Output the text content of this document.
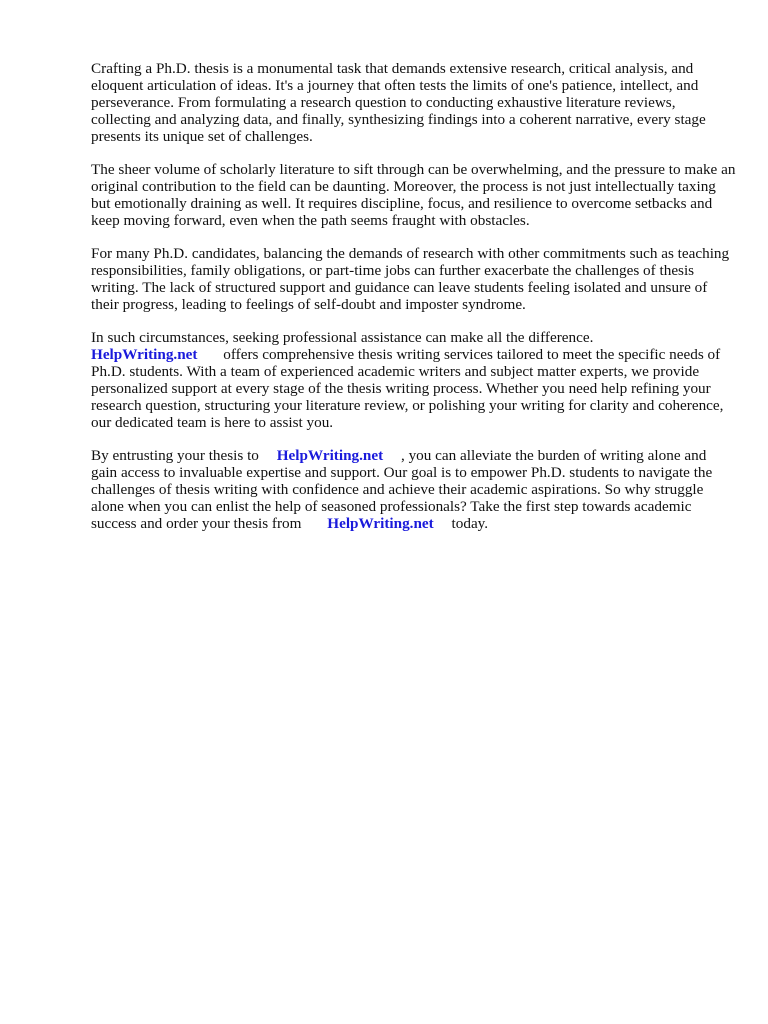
Crafting a Ph.D. thesis is a monumental task that demands extensive research, critical analysis, and eloquent articulation of ideas. It's a journey that often tests the limits of one's patience, intellect, and perseverance. From formulating a research question to conducting exhaustive literature reviews, collecting and analyzing data, and finally, synthesizing findings into a coherent narrative, every stage presents its unique set of challenges.

The sheer volume of scholarly literature to sift through can be overwhelming, and the pressure to make an original contribution to the field can be daunting. Moreover, the process is not just intellectually taxing but emotionally draining as well. It requires discipline, focus, and resilience to overcome setbacks and keep moving forward, even when the path seems fraught with obstacles.

For many Ph.D. candidates, balancing the demands of research with other commitments such as teaching responsibilities, family obligations, or part-time jobs can further exacerbate the challenges of thesis writing. The lack of structured support and guidance can leave students feeling isolated and unsure of their progress, leading to feelings of self-doubt and imposter syndrome.

In such circumstances, seeking professional assistance can make all the difference.
HelpWriting.net offers comprehensive thesis writing services tailored to meet the specific needs of Ph.D. students. With a team of experienced academic writers and subject matter experts, we provide personalized support at every stage of the thesis writing process. Whether you need help refining your research question, structuring your literature review, or polishing your writing for clarity and coherence, our dedicated team is here to assist you.

By entrusting your thesis to HelpWriting.net , you can alleviate the burden of writing alone and gain access to invaluable expertise and support. Our goal is to empower Ph.D. students to navigate the challenges of thesis writing with confidence and achieve their academic aspirations. So why struggle alone when you can enlist the help of seasoned professionals? Take the first step towards academic success and order your thesis from HelpWriting.net today.
